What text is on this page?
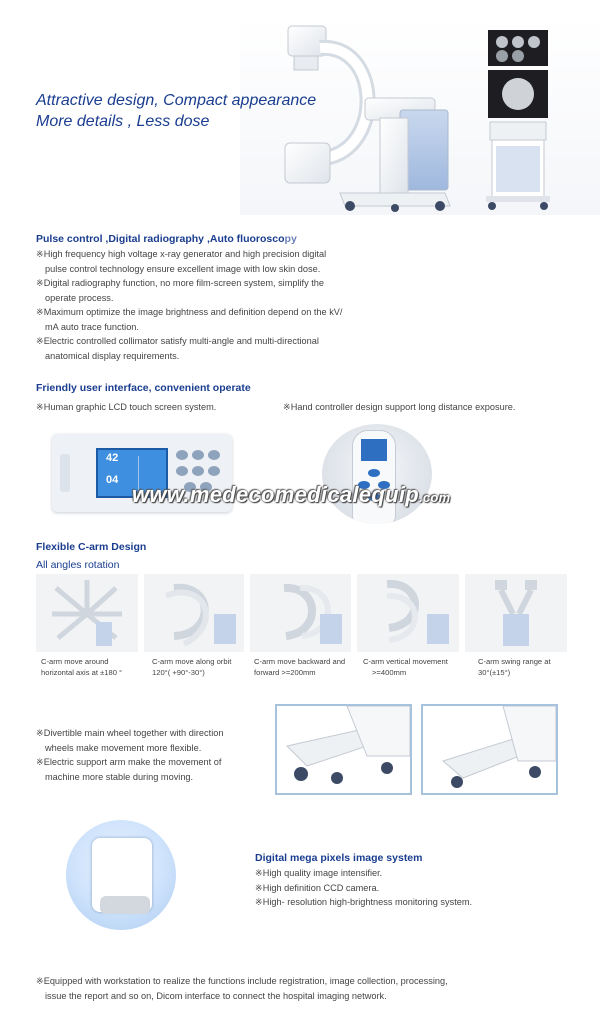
Attractive design, Compact appearance
More details , Less dose
Pulse control ,Digital radiography ,Auto fluoroscopy

※High frequency high voltage x-ray generator and high precision digital

pulse control technology ensure excellent image with low skin dose.

※Digital radiography function, no more film-screen system, simplify the

operate process.

※Maximum optimize the image brightness and definition depend on the kV/

mA auto trace function.

※Electric controlled collimator satisfy multi-angle and multi-directional

anatomical display requirements.

Friendly user interface, convenient operate
※Human graphic LCD touch screen system.	※Hand controller design support long distance exposure.
42
04
www.medecomedicalequip.com
Flexible C-arm Design
All angles rotation
C-arm move around
horizontal axis at ±180 °
C-arm move along orbit
120°( +90°-30°)
C-arm move backward and
forward >=200mm
C-arm vertical movement
>=400mm
C-arm swing range at
30°(±15°)

※Divertible main wheel together with direction

wheels make movement more flexible.

※Electric support arm make the movement of

machine more stable during moving.

Digital mega pixels image system

※High quality image intensifier.

※High definition CCD camera.

※High- resolution high-brightness monitoring system.

※Equipped with workstation to realize the functions include registration, image collection, processing,

issue the report and so on, Dicom interface to connect the hospital imaging network.
